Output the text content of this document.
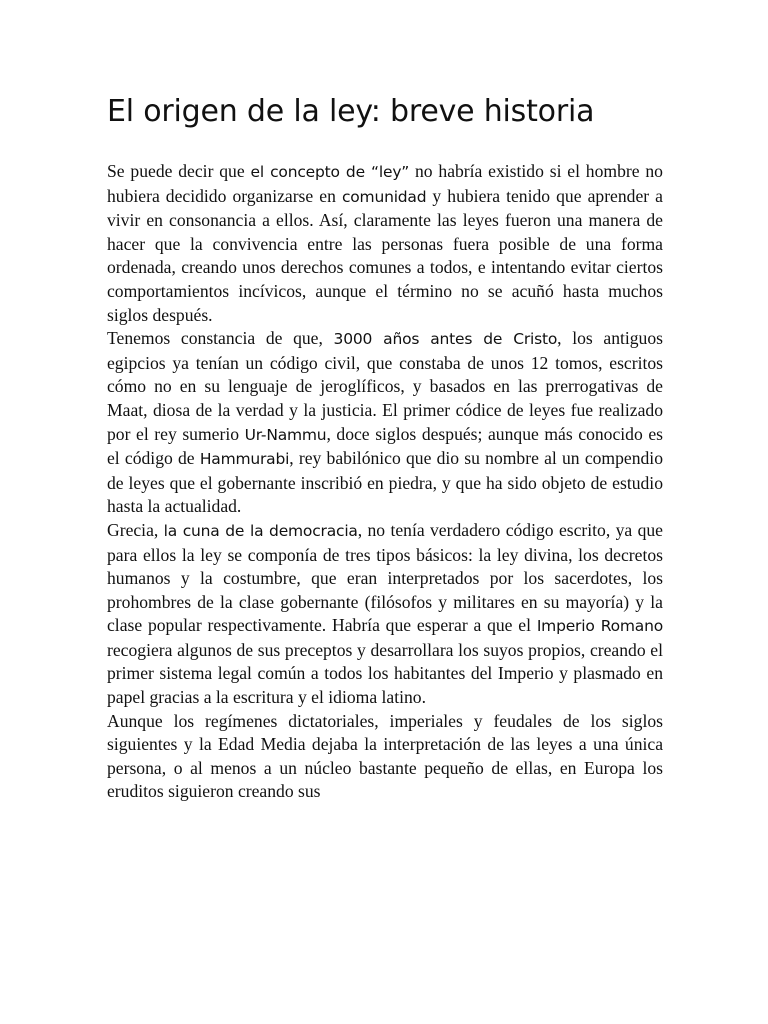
El origen de la ley: breve historia

Se puede decir que el concepto de “ley” no habría existido si el hombre no hubiera decidido organizarse en comunidad y hubiera tenido que aprender a vivir en consonancia a ellos. Así, claramente las leyes fueron una manera de hacer que la convivencia entre las personas fuera posible de una forma ordenada, creando unos derechos comunes a todos, e intentando evitar ciertos comportamientos incívicos, aunque el término no se acuñó hasta muchos siglos después.

Tenemos constancia de que, 3000 años antes de Cristo, los antiguos egipcios ya tenían un código civil, que constaba de unos 12 tomos, escritos cómo no en su lenguaje de jeroglíficos, y basados en las prerrogativas de Maat, diosa de la verdad y la justicia. El primer códice de leyes fue realizado por el rey sumerio Ur-Nammu, doce siglos después; aunque más conocido es el código de Hammurabi, rey babilónico que dio su nombre al un compendio de leyes que el gobernante inscribió en piedra, y que ha sido objeto de estudio hasta la actualidad.

Grecia, la cuna de la democracia, no tenía verdadero código escrito, ya que para ellos la ley se componía de tres tipos básicos: la ley divina, los decretos humanos y la costumbre, que eran interpretados por los sacerdotes, los prohombres de la clase gobernante (filósofos y militares en su mayoría) y la clase popular respectivamente. Habría que esperar a que el Imperio Romano recogiera algunos de sus preceptos y desarrollara los suyos propios, creando el primer sistema legal común a todos los habitantes del Imperio y plasmado en papel gracias a la escritura y el idioma latino.

Aunque los regímenes dictatoriales, imperiales y feudales de los siglos siguientes y la Edad Media dejaba la interpretación de las leyes a una única persona, o al menos a un núcleo bastante pequeño de ellas, en Europa los eruditos siguieron creando sus
